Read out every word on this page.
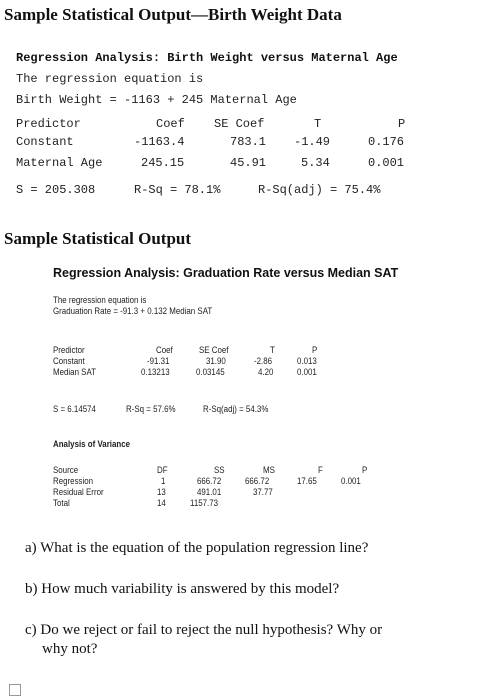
Sample Statistical Output—Birth Weight Data
Regression Analysis: Birth Weight versus Maternal Age
The regression equation is
Birth Weight = -1163 + 245 Maternal Age
Predictor	Coef SE Coef	T	P
Constant	-1163.4	783.1 -1.49	0.176
Maternal Age	245.15	45.91	5.34	0.001
S = 205.308	R-Sq = 78.1%	R-Sq(adj) = 75.4%
Sample Statistical Output
Regression Analysis: Graduation Rate versus Median SAT
The regression equation is
Graduation Rate = -91.3 + 0.132 Median SAT
Predictor	Coef	SE Coef	T	P
Constant	-91.31	31.90	-2.86	0.013
Median SAT	0.13213	0.03145	4.20	0.001
S = 6.14574	R-Sq = 57.6%	R-Sq(adj) = 54.3%
Analysis of Variance
Source	DF	SS	MS	F	P
Regression	1	666.72	666.72	17.65	0.001
Residual Error	13	491.01	37.77
Total	14	1157.73
a) What is the equation of the population regression line?
b) How much variability is answered by this model?
c) Do we reject or fail to reject the null hypothesis? Why or
why not?
